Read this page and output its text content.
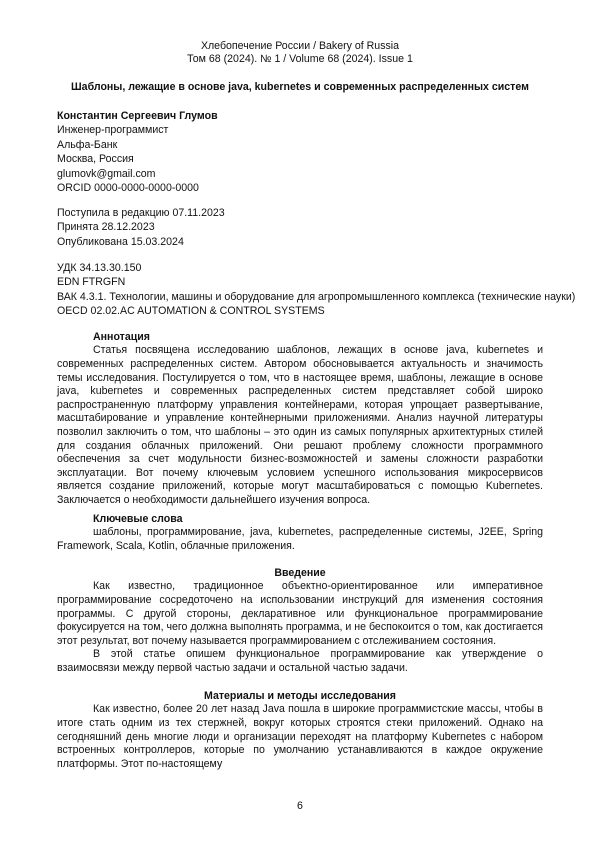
Хлебопечение России / Bakery of Russia
Том 68 (2024). № 1 / Volume 68 (2024). Issue 1
Шаблоны, лежащие в основе java, kubernetes и современных распределенных систем
Константин Сергеевич Глумов
Инженер-программист
Альфа-Банк
Москва, Россия
glumovk@gmail.com
ORCID 0000-0000-0000-0000
Поступила в редакцию 07.11.2023
Принята 28.12.2023
Опубликована 15.03.2024
УДК 34.13.30.150
EDN FTRGFN
ВАК 4.3.1. Технологии, машины и оборудование для агропромышленного комплекса (технические науки)
OECD 02.02.AC AUTOMATION & CONTROL SYSTEMS
Аннотация

Статья посвящена исследованию шаблонов, лежащих в основе java, kubernetes и современных распределенных систем. Автором обосновывается актуальность и значимость темы исследования. Постулируется о том, что в настоящее время, шаблоны, лежащие в основе java, kubernetes и современных распределенных систем представляет собой широко распространенную платформу управления контейнерами, которая упрощает развертывание, масштабирование и управление контейнерными приложениями. Анализ научной литературы позволил заключить о том, что шаблоны – это один из самых популярных архитектурных стилей для создания облачных приложений. Они решают проблему сложности программного обеспечения за счет модульности бизнес-возможностей и замены сложности разработки эксплуатации. Вот почему ключевым условием успешного использования микросервисов является создание приложений, которые могут масштабироваться с помощью Kubernetes. Заключается о необходимости дальнейшего изучения вопроса.

Ключевые слова

шаблоны, программирование, java, kubernetes, распределенные системы, J2EE, Spring Framework, Scala, Kotlin, облачные приложения.

Введение

Как известно, традиционное объектно-ориентированное или императивное программирование сосредоточено на использовании инструкций для изменения состояния программы. С другой стороны, декларативное или функциональное программирование фокусируется на том, чего должна выполнять программа, и не беспокоится о том, как достигается этот результат, вот почему называется программированием с отслеживанием состояния.

В этой статье опишем функциональное программирование как утверждение о взаимосвязи между первой частью задачи и остальной частью задачи.

Материалы и методы исследования

Как известно, более 20 лет назад Java пошла в широкие программистские массы, чтобы в итоге стать одним из тех стержней, вокруг которых строятся стеки приложений. Однако на сегодняшний день многие люди и организации переходят на платформу Kubernetes с набором встроенных контроллеров, которые по умолчанию устанавливаются в каждое окружение платформы. Этот по-настоящему

6
